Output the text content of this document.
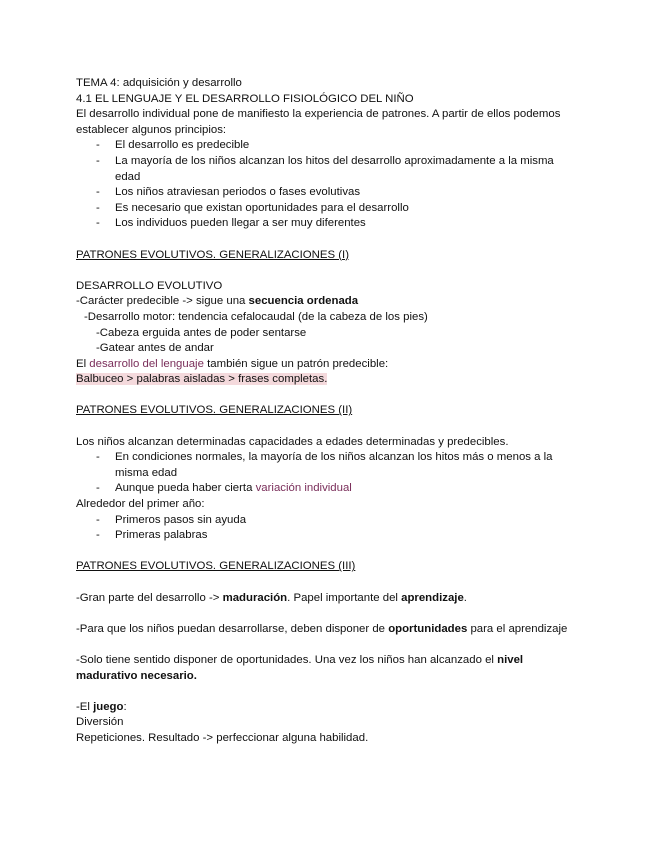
TEMA 4: adquisición y desarrollo

4.1 EL LENGUAJE Y EL DESARROLLO FISIOLÓGICO DEL NIÑO

El desarrollo individual pone de manifiesto la experiencia de patrones. A partir de ellos podemos establecer algunos principios:

- El desarrollo es predecible
- La mayoría de los niños alcanzan los hitos del desarrollo aproximadamente a la misma edad
- Los niños atraviesan periodos o fases evolutivas
- Es necesario que existan oportunidades para el desarrollo
- Los individuos pueden llegar a ser muy diferentes

PATRONES EVOLUTIVOS. GENERALIZACIONES (I)

DESARROLLO EVOLUTIVO

-Carácter predecible -> sigue una secuencia ordenada

-Desarrollo motor: tendencia cefalocaudal (de la cabeza de los pies)

-Cabeza erguida antes de poder sentarse

-Gatear antes de andar

El desarrollo del lenguaje también sigue un patrón predecible:

Balbuceo > palabras aisladas > frases completas.

PATRONES EVOLUTIVOS. GENERALIZACIONES (II)

Los niños alcanzan determinadas capacidades a edades determinadas y predecibles.

- En condiciones normales, la mayoría de los niños alcanzan los hitos más o menos a la misma edad
- Aunque pueda haber cierta variación individual

Alrededor del primer año:

- Primeros pasos sin ayuda
- Primeras palabras

PATRONES EVOLUTIVOS. GENERALIZACIONES (III)

-Gran parte del desarrollo -> maduración. Papel importante del aprendizaje.

-Para que los niños puedan desarrollarse, deben disponer de oportunidades para el aprendizaje

-Solo tiene sentido disponer de oportunidades. Una vez los niños han alcanzado el nivel madurativo necesario.

-El juego:

Diversión

Repeticiones. Resultado -> perfeccionar alguna habilidad.
